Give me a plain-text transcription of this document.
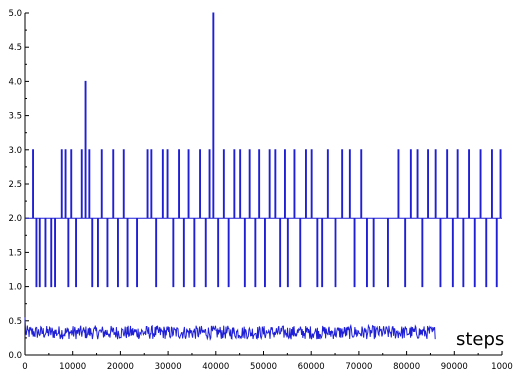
0.0
0.5
1.0
1.5
2.0
2.5
3.0
3.5
4.0
4.5
5.0
0	10000 20000 30000 40000 50000 60000 70000 80000 90000	1000
steps
